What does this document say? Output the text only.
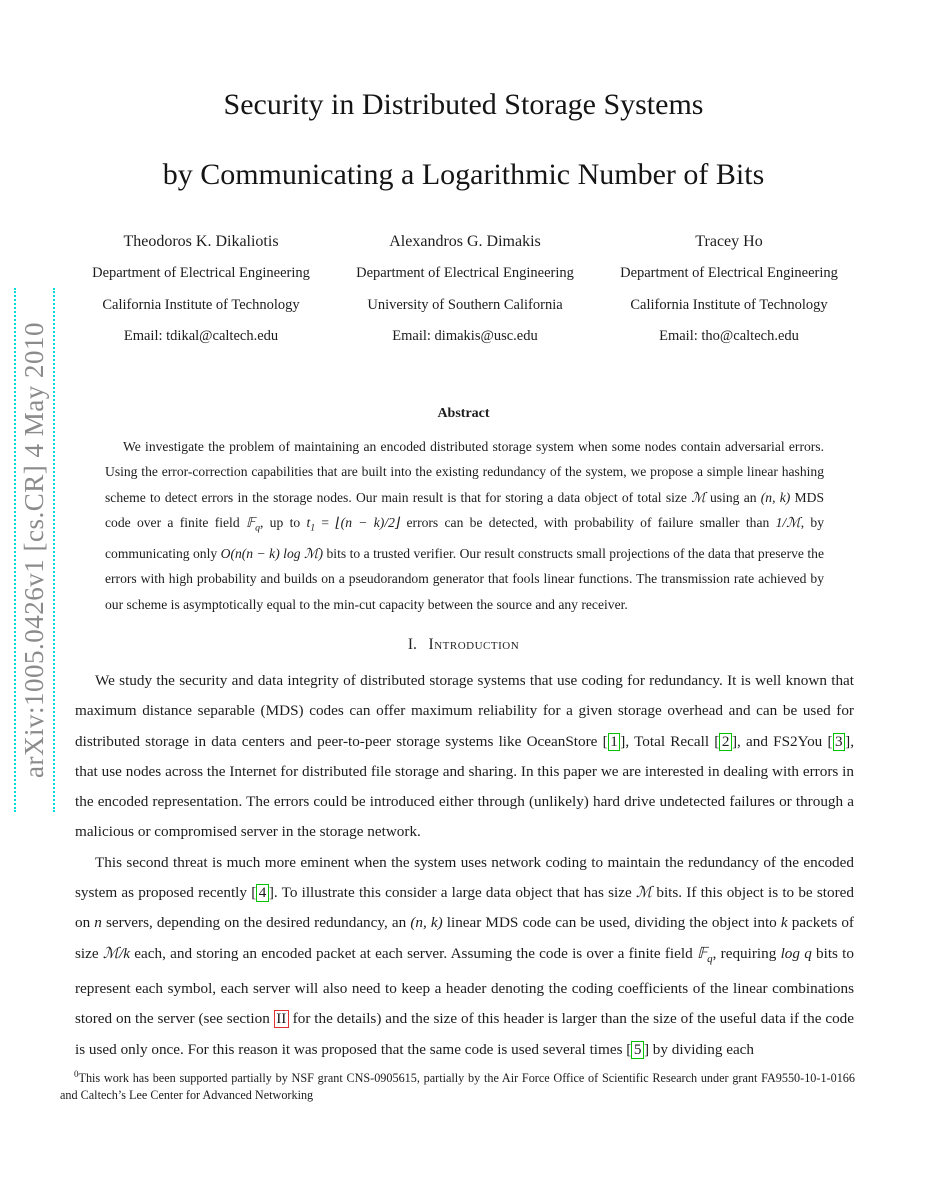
arXiv:1005.0426v1 [cs.CR] 4 May 2010
Security in Distributed Storage Systems
by Communicating a Logarithmic Number of Bits
Theodoros K. Dikaliotis
Department of Electrical Engineering
California Institute of Technology
Email: tdikal@caltech.edu
Alexandros G. Dimakis
Department of Electrical Engineering
University of Southern California
Email: dimakis@usc.edu
Tracey Ho
Department of Electrical Engineering
California Institute of Technology
Email: tho@caltech.edu
Abstract
We investigate the problem of maintaining an encoded distributed storage system when some nodes contain adversarial errors. Using the error-correction capabilities that are built into the existing redundancy of the system, we propose a simple linear hashing scheme to detect errors in the storage nodes. Our main result is that for storing a data object of total size ℳ using an (n, k) MDS code over a finite field 𝔽$_q$, up to $t_1$ = ⌊(n − k)/2⌋ errors can be detected, with probability of failure smaller than 1/ℳ, by communicating only O(n(n − k) log ℳ) bits to a trusted verifier. Our result constructs small projections of the data that preserve the errors with high probability and builds on a pseudorandom generator that fools linear functions. The transmission rate achieved by our scheme is asymptotically equal to the min-cut capacity between the source and any receiver.
I. Introduction

We study the security and data integrity of distributed storage systems that use coding for redundancy. It is well known that maximum distance separable (MDS) codes can offer maximum reliability for a given storage overhead and can be used for distributed storage in data centers and peer-to-peer storage systems like OceanStore [ 1 ], Total Recall [ 2 ], and FS2You [ 3 ], that use nodes across the Internet for distributed file storage and sharing. In this paper we are interested in dealing with errors in the encoded representation. The errors could be introduced either through (unlikely) hard drive undetected failures or through a malicious or compromised server in the storage network.

This second threat is much more eminent when the system uses network coding to maintain the redundancy of the encoded system as proposed recently [ 4 ]. To illustrate this consider a large data object that has size ℳ bits. If this object is to be stored on n servers, depending on the desired redundancy, an (n, k) linear MDS code can be used, dividing the object into k packets of size ℳ/k each, and storing an encoded packet at each server. Assuming the code is over a finite field 𝔽$_q$, requiring log q bits to represent each symbol, each server will also need to keep a header denoting the coding coefficients of the linear combinations stored on the server (see section II for the details) and the size of this header is larger than the size of the useful data if the code is used only once. For this reason it was proposed that the same code is used several times [ 5 ] by dividing each

$^0$This work has been supported partially by NSF grant CNS-0905615, partially by the Air Force Office of Scientific Research under grant FA9550-10-1-0166 and Caltech’s Lee Center for Advanced Networking
